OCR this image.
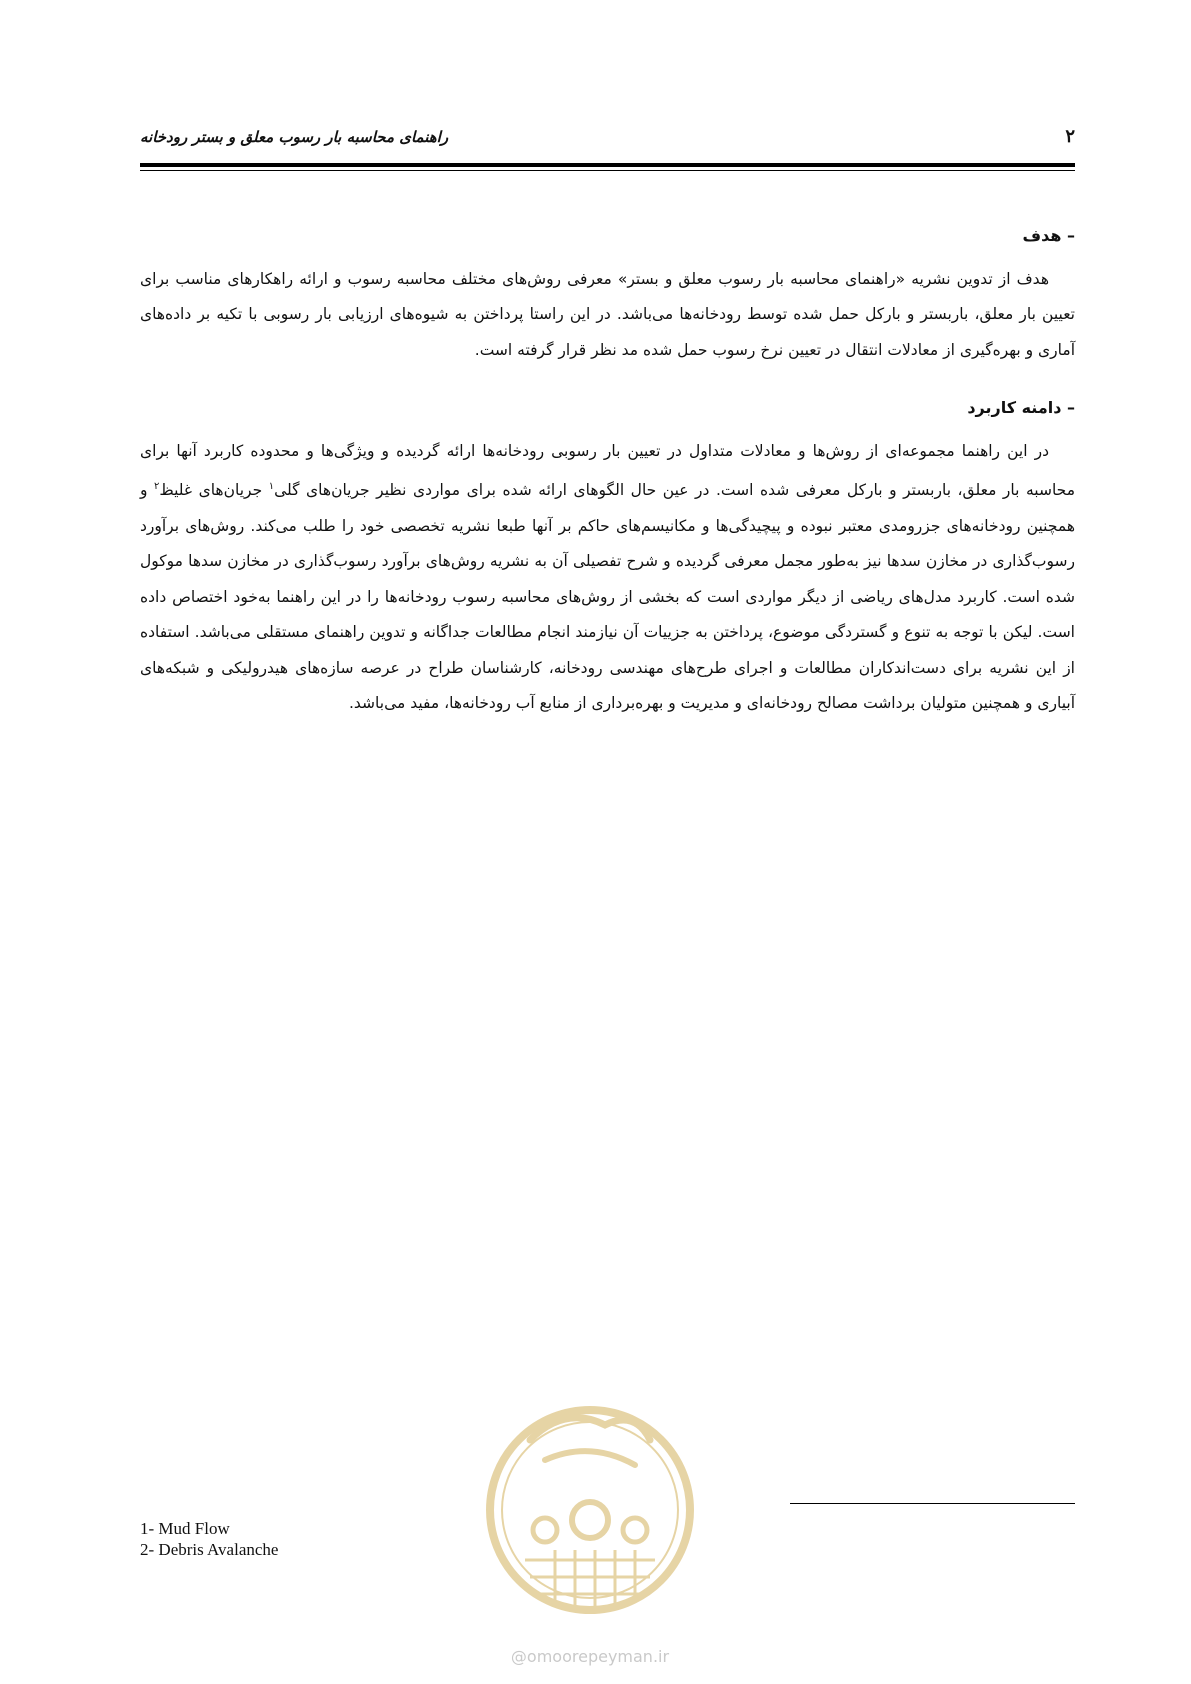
راهنمای محاسبه بار رسوب معلق و بستر رودخانه	۲
– هدف

هدف از تدوین نشریه «راهنمای محاسبه بار رسوب معلق و بستر» معرفی روش‌های مختلف محاسبه رسوب و ارائه راهکارهای مناسب برای تعیین بار معلق، باربستر و بارکل حمل شده توسط رودخانه‌ها می‌باشد. در این راستا پرداختن به شیوه‌های ارزیابی بار رسوبی با تکیه بر داده‌های آماری و بهره‌گیری از معادلات انتقال در تعیین نرخ رسوب حمل شده مد نظر قرار گرفته است.

– دامنه کاربرد

در این راهنما مجموعه‌ای از روش‌ها و معادلات متداول در تعیین بار رسوبی رودخانه‌ها ارائه گردیده و ویژگی‌ها و محدوده کاربرد آنها برای محاسبه بار معلق، باربستر و بارکل معرفی شده است. در عین حال الگوهای ارائه شده برای مواردی نظیر جریان‌های گلی$^۱$ جریان‌های غلیظ$^۲$ و همچنین رودخانه‌های جزرومدی معتبر نبوده و پیچیدگی‌ها و مکانیسم‌های حاکم بر آنها طبعا نشریه تخصصی خود را طلب می‌کند. روش‌های برآورد رسوب‌گذاری در مخازن سدها نیز به‌طور مجمل معرفی گردیده و شرح تفصیلی آن به نشریه روش‌های برآورد رسوب‌گذاری در مخازن سدها موکول شده است. کاربرد مدل‌های ریاضی از دیگر مواردی است که بخشی از روش‌های محاسبه رسوب رودخانه‌ها را در این راهنما به‌خود اختصاص داده است. لیکن با توجه به تنوع و گستردگی موضوع، پرداختن به جزییات آن نیازمند انجام مطالعات جداگانه و تدوین راهنمای مستقلی می‌باشد. استفاده از این نشریه برای دست‌اندکاران مطالعات و اجرای طرح‌های مهندسی رودخانه، کارشناسان طراح در عرصه سازه‌های هیدرولیکی و شبکه‌های آبیاری و همچنین متولیان برداشت مصالح رودخانه‌ای و مدیریت و بهره‌برداری از منابع آب رودخانه‌ها، مفید می‌باشد.

@omoorepeyman.ir
1- Mud Flow
2- Debris Avalanche
